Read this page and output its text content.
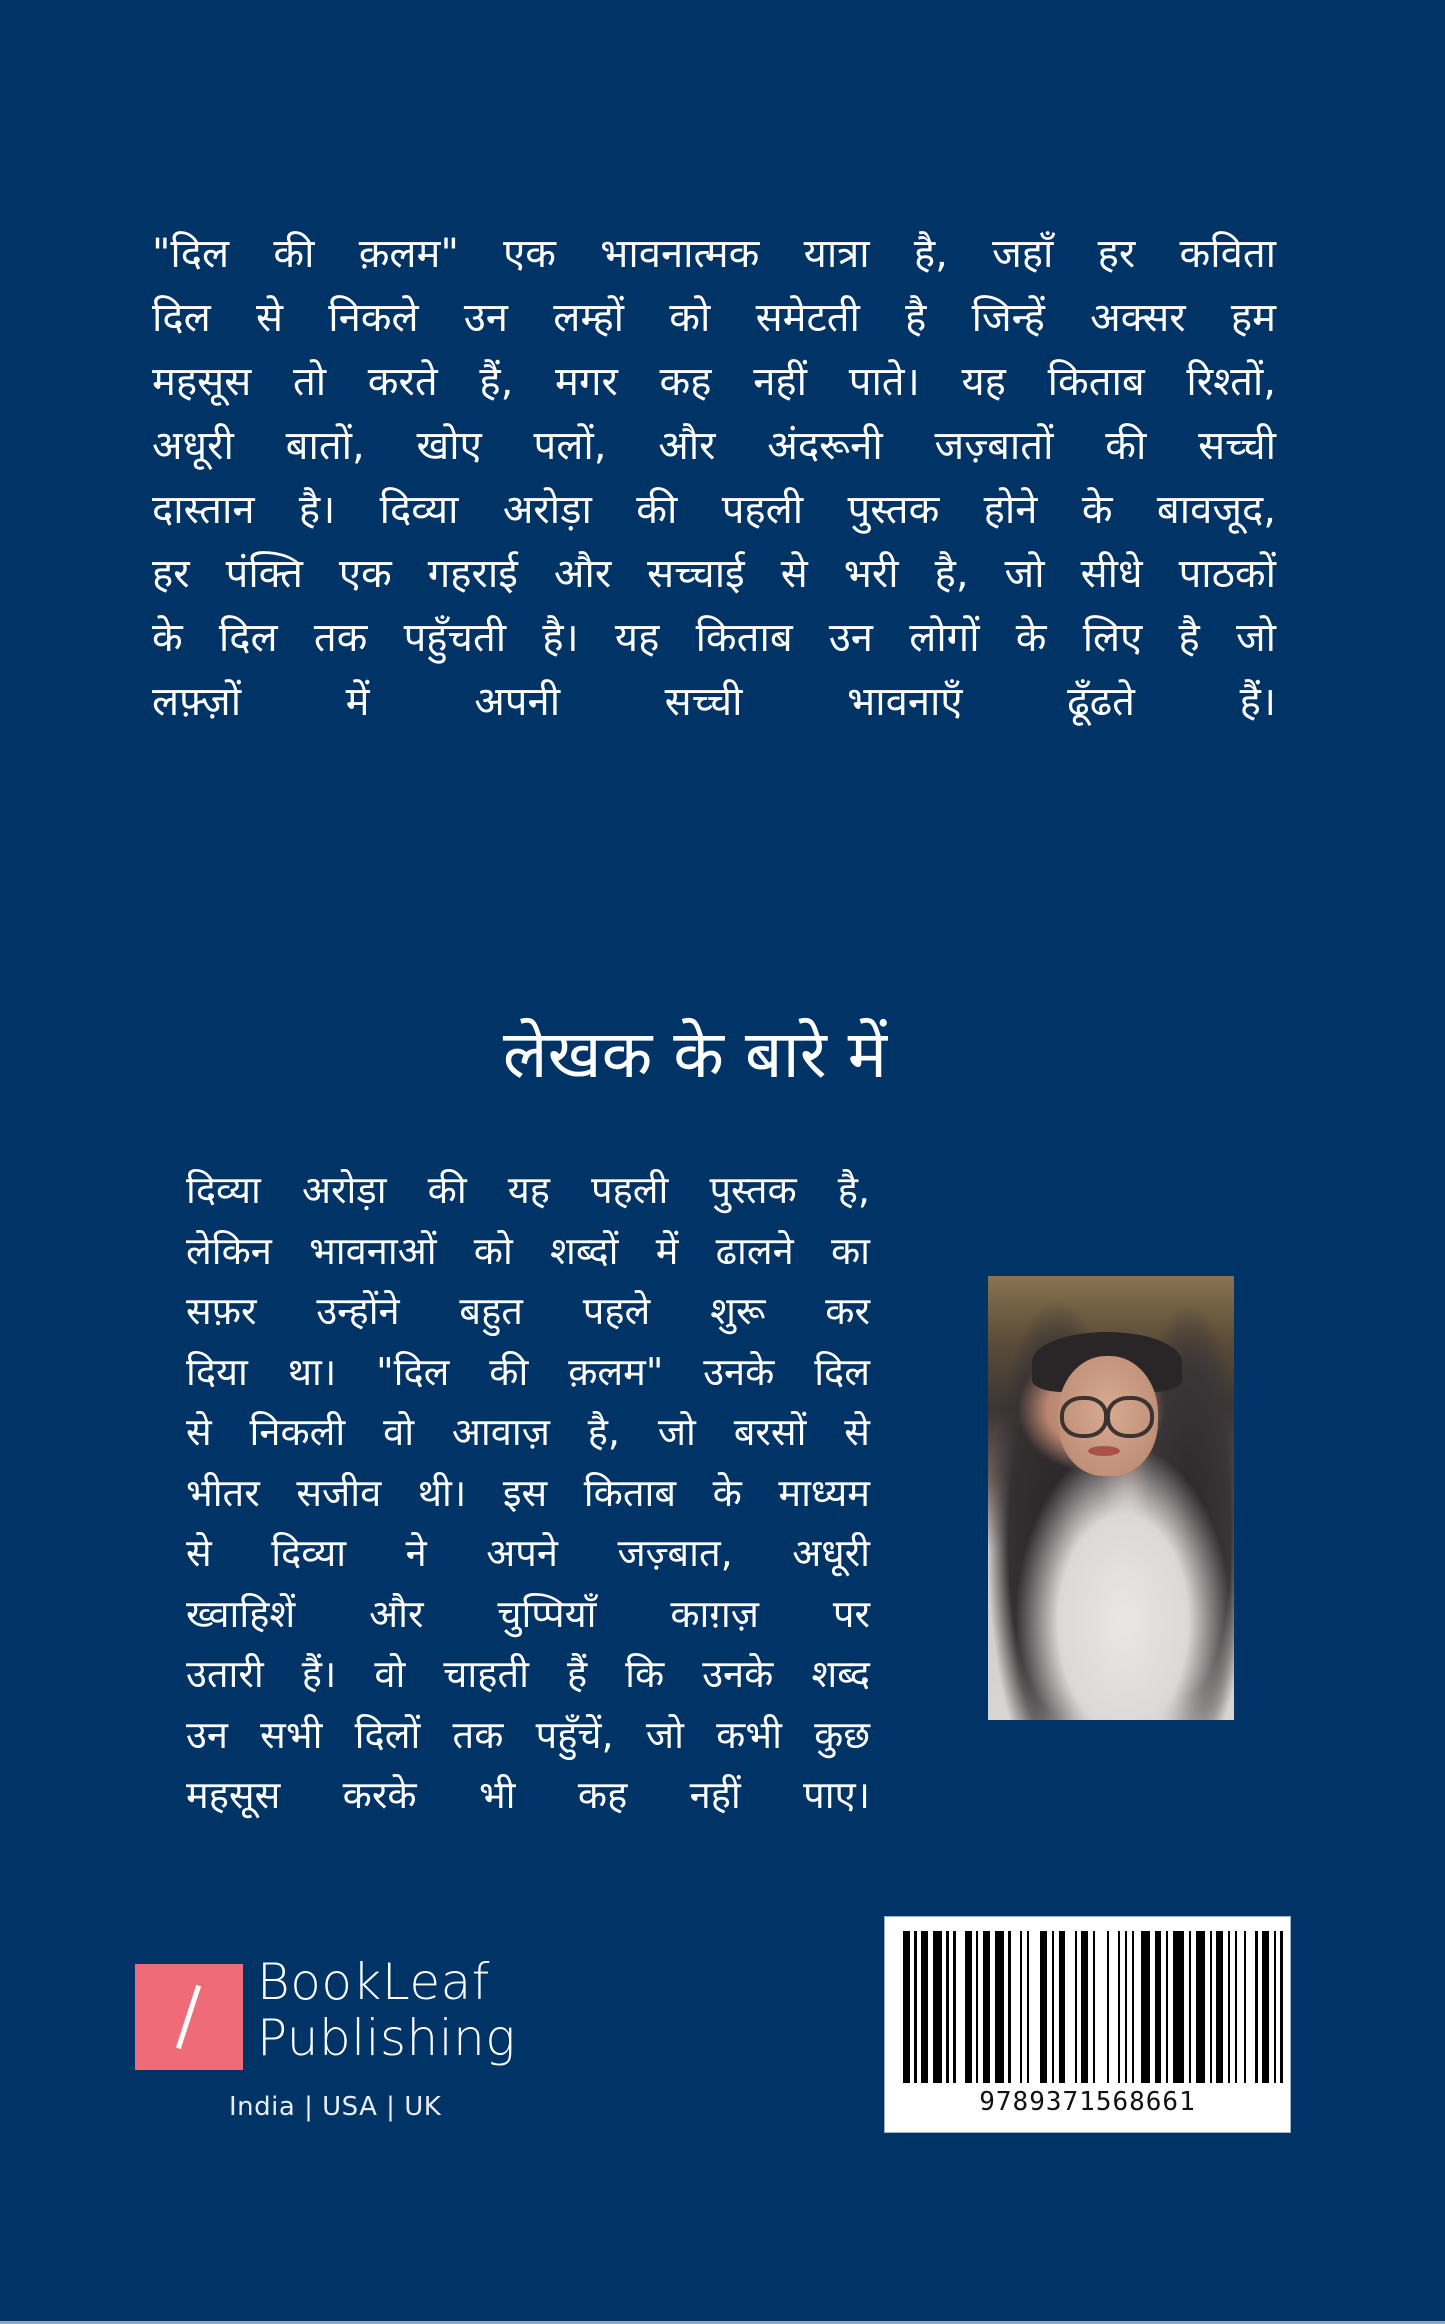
"दिल की क़लम" एक भावनात्मक यात्रा है, जहाँ हर कविता
दिल से निकले उन लम्हों को समेटती है जिन्हें अक्सर हम
महसूस तो करते हैं, मगर कह नहीं पाते। यह किताब रिश्तों,
अधूरी बातों, खोए पलों, और अंदरूनी जज़्बातों की सच्ची
दास्तान है। दिव्या अरोड़ा की पहली पुस्तक होने के बावजूद,
हर पंक्ति एक गहराई और सच्चाई से भरी है, जो सीधे पाठकों
के दिल तक पहुँचती है। यह किताब उन लोगों के लिए है जो
लफ़्ज़ों में अपनी सच्ची भावनाएँ ढूँढते हैं।
लेखक के बारे में
दिव्या अरोड़ा की यह पहली पुस्तक है,
लेकिन भावनाओं को शब्दों में ढालने का
सफ़र उन्होंने बहुत पहले शुरू कर
दिया था। "दिल की क़लम" उनके दिल
से निकली वो आवाज़ है, जो बरसों से
भीतर सजीव थी। इस किताब के माध्यम
से दिव्या ने अपने जज़्बात, अधूरी
ख्वाहिशें और चुप्पियाँ काग़ज़ पर
उतारी हैं। वो चाहती हैं कि उनके शब्द
उन सभी दिलों तक पहुँचें, जो कभी कुछ
महसूस करके भी कह नहीं पाए।
BookLeaf
Publishing
India | USA | UK	9789371568661
